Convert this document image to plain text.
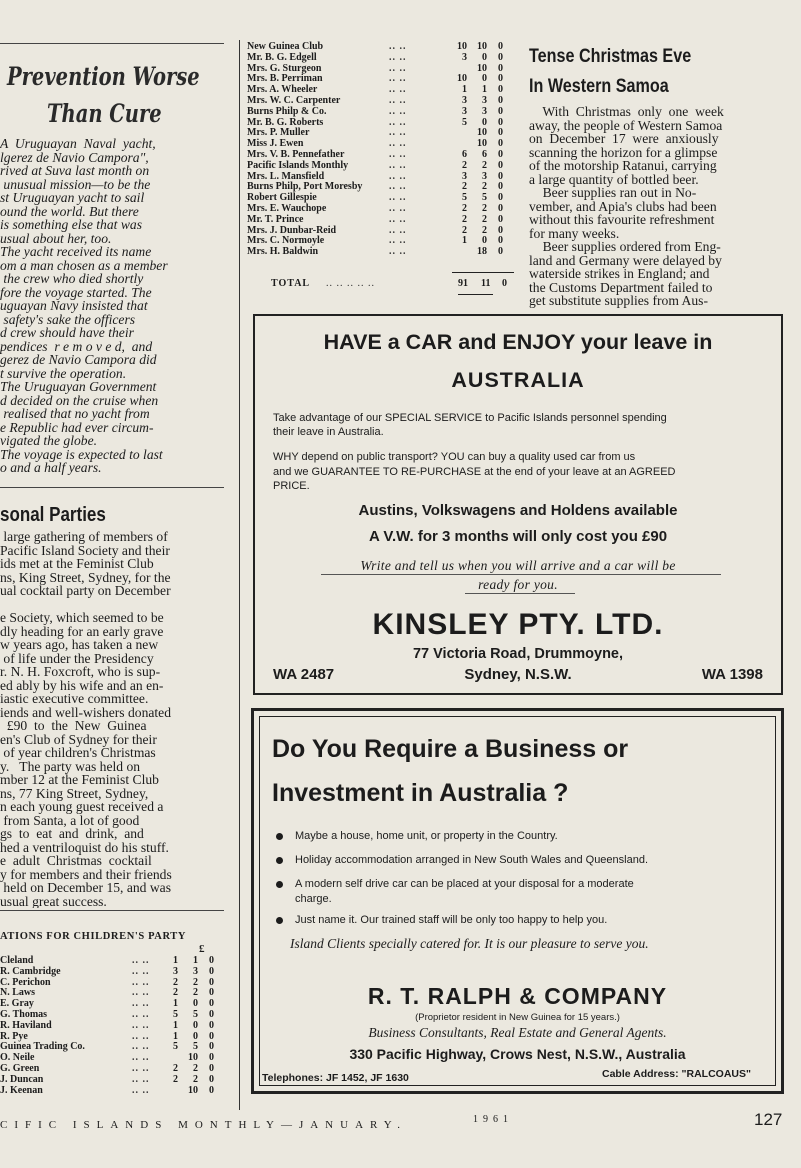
Prevention Worse
Than Cure
A  Uruguayan  Naval  yacht,
lgerez de Navio Campora",
rived at Suva last month on
unusual mission—to be the
st Uruguayan yacht to sail
ound the world. But there
is something else that was
usual about her, too.
The yacht received its name
om a man chosen as a member
the crew who died shortly
fore the voyage started. The
uguayan Navy insisted that
safety's sake the officers
d crew should have their
pendices  r e m o v e d,  and
gerez de Navio Campora did
t survive the operation.
The Uruguayan Government
d decided on the cruise when
realised that no yacht from
e Republic had ever circum-
vigated the globe.
The voyage is expected to last
o and a half years.
sonal Parties
large gathering of members of
Pacific Island Society and their
ids met at the Feminist Club
ns, King Street, Sydney, for the
ual cocktail party on December
e Society, which seemed to be
dly heading for an early grave
w years ago, has taken a new
of life under the Presidency
r. N. H. Foxcroft, who is sup-
ed ably by his wife and an en-
iastic executive committee.
iends and well-wishers donated
£90  to  the  New  Guinea
en's Club of Sydney for their
of year children's Christmas
y.   The party was held on
mber 12 at the Feminist Club
ns, 77 King Street, Sydney,
n each young guest received a
from Santa, a lot of good
gs  to  eat  and  drink,  and
hed a ventriloquist do his stuff.
e  adult  Christmas  cocktail
y for members and their friends
held on December 15, and was
usual great success.
ATIONS FOR CHILDREN'S PARTY
£
Cleland	.. ..	1	1	0
R. Cambridge	.. ..	3	3	0
C. Perichon	.. ..	2	2	0
N. Laws	.. ..	2	2	0
E. Gray	.. ..	1	0	0
G. Thomas	.. ..	5	5	0
R. Haviland	.. ..	1	0	0
R. Pye	.. ..	1	0	0
Guinea Trading Co.	.. ..	5	5	0
O. Neile	.. ..		10	0
G. Green	.. ..	2	2	0
J. Duncan	.. ..	2	2	0
J. Keenan	.. ..		10	0
New Guinea Club	.. ..	10	10	0
Mr. B. G. Edgell	.. ..	3	0	0
Mrs. G. Sturgeon	.. ..		10	0
Mrs. B. Perriman	.. ..	10	0	0
Mrs. A. Wheeler	.. ..	1	1	0
Mrs. W. C. Carpenter	.. ..	3	3	0
Burns Philp & Co.	.. ..	3	3	0
Mr. B. G. Roberts	.. ..	5	0	0
Mrs. P. Muller	.. ..		10	0
Miss J. Ewen	.. ..		10	0
Mrs. V. B. Pennefather	.. ..	6	6	0
Pacific Islands Monthly	.. ..	2	2	0
Mrs. L. Mansfield	.. ..	3	3	0
Burns Philp, Port Moresby	.. ..	2	2	0
Robert Gillespie	.. ..	5	5	0
Mrs. E. Wauchope	.. ..	2	2	0
Mr. T. Prince	.. ..	2	2	0
Mrs. J. Dunbar-Reid	.. ..	2	2	0
Mrs. C. Normoyle	.. ..	1	0	0
Mrs. H. Baldwin	.. ..		18	0
TOTAL .. .. .. .. ..	91 11 0
Tense Christmas Eve
In Western Samoa
With  Christmas  only  one  week
away, the people of Western Samoa
on  December  17  were  anxiously
scanning the horizon for a glimpse
of the motorship Ratanui, carrying
a large quantity of bottled beer.
Beer supplies ran out in No-
vember, and Apia's clubs had been
without this favourite refreshment
for many weeks.
Beer supplies ordered from Eng-
land and Germany were delayed by
waterside strikes in England; and
the Customs Department failed to
get substitute supplies from Aus-
HAVE a CAR and ENJOY your leave in
AUSTRALIA
Take advantage of our SPECIAL SERVICE to Pacific Islands personnel spending
their leave in Australia.
WHY depend on public transport? YOU can buy a quality used car from us
and we GUARANTEE TO RE-PURCHASE at the end of your leave at an AGREED
PRICE.
Austins, Volkswagens and Holdens available
A V.W. for 3 months will only cost you £90
Write and tell us when you will arrive and a car will be
ready for you.
KINSLEY PTY. LTD.
77 Victoria Road, Drummoyne,
WA 2487	Sydney, N.S.W.	WA 1398
Do You Require a Business or
Investment in Australia ?
Maybe a house, home unit, or property in the Country.
Holiday accommodation arranged in New South Wales and Queensland.
A modern self drive car can be placed at your disposal for a moderate
charge.
Just name it. Our trained staff will be only too happy to help you.
Island Clients specially catered for. It is our pleasure to serve you.
R. T. RALPH & COMPANY
(Proprietor resident in New Guinea for 15 years.)
Business Consultants, Real Estate and General Agents.
330 Pacific Highway, Crows Nest, N.S.W., Australia
Telephones: JF 1452, JF 1630	Cable Address: "RALCOAUS"
CIFIC ISLANDS MONTHLY—JANUARY.	1961	127
